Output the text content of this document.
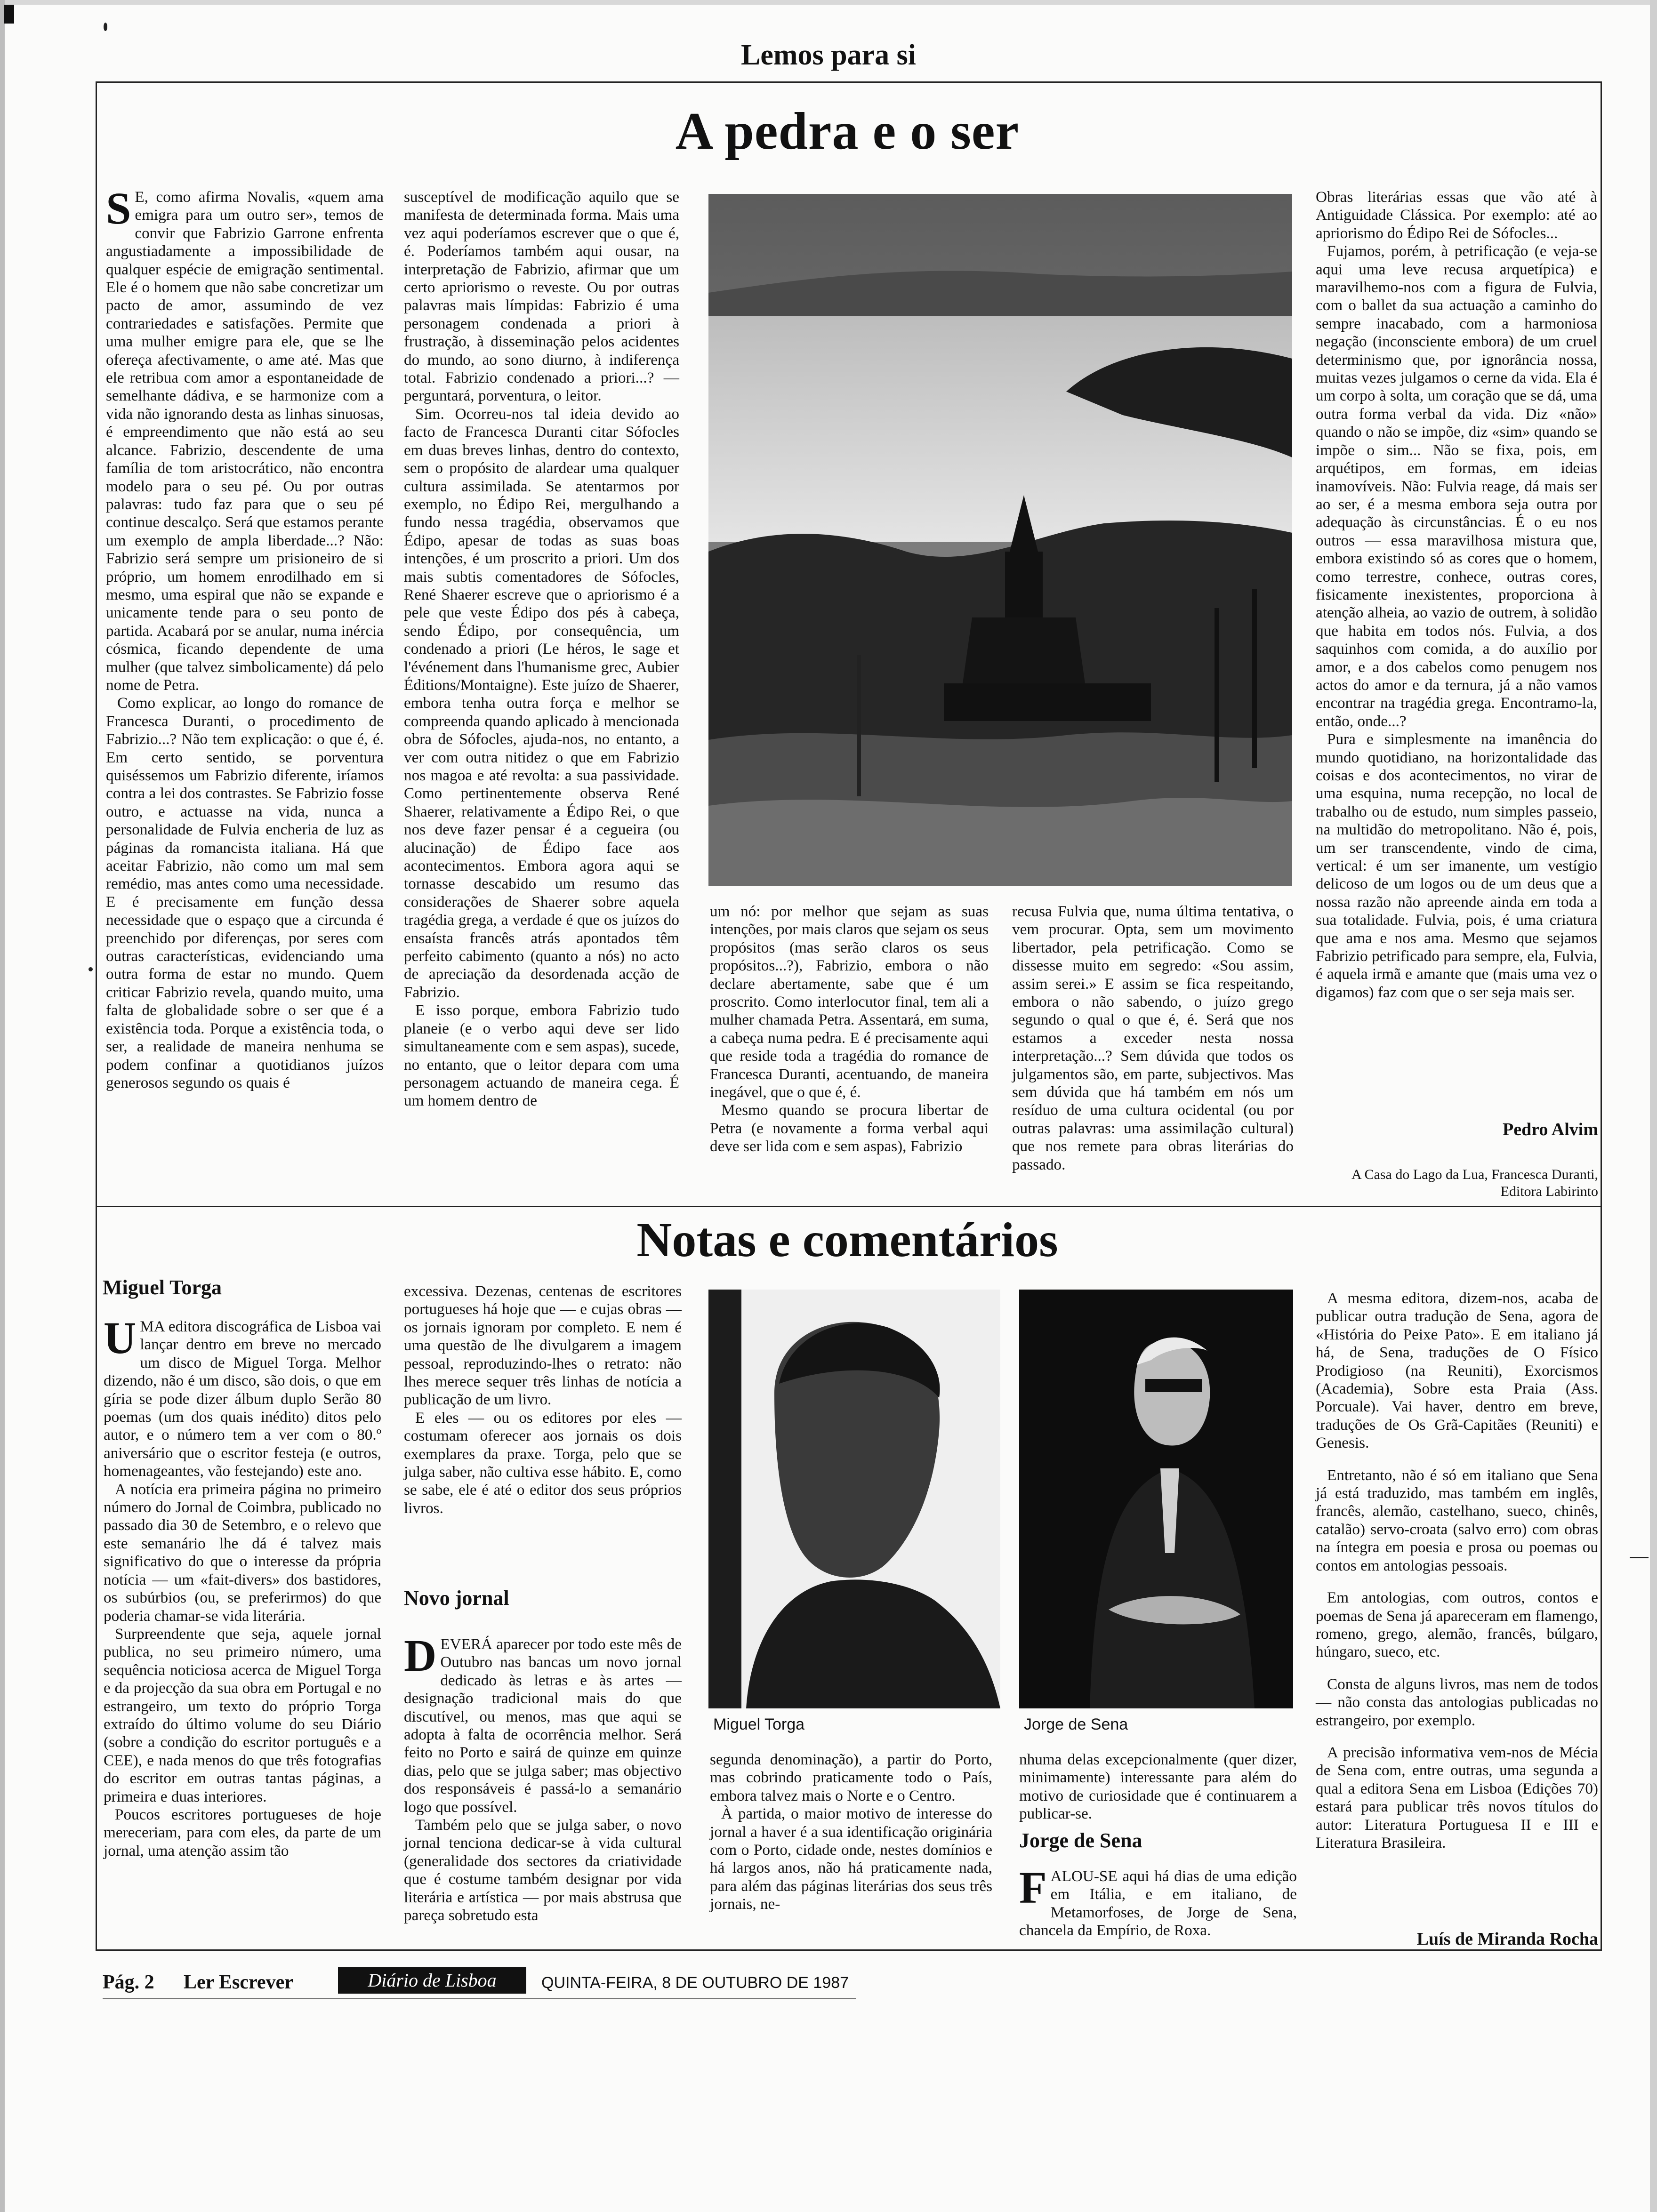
Lemos para si
A pedra e o ser
S E, como afirma Novalis, «quem ama emigra para um outro ser», temos de convir que Fabrizio Garrone enfrenta angustiadamente a impossibilidade de qualquer espécie de emigração sentimental. Ele é o homem que não sabe concretizar um pacto de amor, assumindo de vez contrariedades e satisfações. Permite que uma mulher emigre para ele, que se lhe ofereça afectivamente, o ame até. Mas que ele retribua com amor a espontaneidade de semelhante dádiva, e se harmonize com a vida não ignorando desta as linhas sinuosas, é empreendimento que não está ao seu alcance. Fabrizio, descendente de uma família de tom aristocrático, não encontra modelo para o seu pé. Ou por outras palavras: tudo faz para que o seu pé continue descalço. Será que estamos perante um exemplo de ampla liberdade...? Não: Fabrizio será sempre um prisioneiro de si próprio, um homem enrodilhado em si mesmo, uma espiral que não se expande e unicamente tende para o seu ponto de partida. Acabará por se anular, numa inércia cósmica, ficando dependente de uma mulher (que talvez simbolicamente) dá pelo nome de Petra.

Como explicar, ao longo do romance de Francesca Duranti, o procedimento de Fabrizio...? Não tem explicação: o que é, é. Em certo sentido, se porventura quiséssemos um Fabrizio diferente, iríamos contra a lei dos contrastes. Se Fabrizio fosse outro, e actuasse na vida, nunca a personalidade de Fulvia encheria de luz as páginas da romancista italiana. Há que aceitar Fabrizio, não como um mal sem remédio, mas antes como uma necessidade. E é precisamente em função dessa necessidade que o espaço que a circunda é preenchido por diferenças, por seres com outras características, evidenciando uma outra forma de estar no mundo. Quem criticar Fabrizio revela, quando muito, uma falta de globalidade sobre o ser que é a existência toda. Porque a existência toda, o ser, a realidade de maneira nenhuma se podem confinar a quotidianos juízos generosos segundo os quais é

susceptível de modificação aquilo que se manifesta de determinada forma. Mais uma vez aqui poderíamos escrever que o que é, é. Poderíamos também aqui ousar, na interpretação de Fabrizio, afirmar que um certo apriorismo o reveste. Ou por outras palavras mais límpidas: Fabrizio é uma personagem condenada a priori à frustração, à disseminação pelos acidentes do mundo, ao sono diurno, à indiferença total. Fabrizio condenado a priori...? — perguntará, porventura, o leitor.

Sim. Ocorreu-nos tal ideia devido ao facto de Francesca Duranti citar Sófocles em duas breves linhas, dentro do contexto, sem o propósito de alardear uma qualquer cultura assimilada. Se atentarmos por exemplo, no Édipo Rei, mergulhando a fundo nessa tragédia, observamos que Édipo, apesar de todas as suas boas intenções, é um proscrito a priori. Um dos mais subtis comentadores de Sófocles, René Shaerer escreve que o apriorismo é a pele que veste Édipo dos pés à cabeça, sendo Édipo, por consequência, um condenado a priori (Le héros, le sage et l'événement dans l'humanisme grec, Aubier Éditions/Montaigne). Este juízo de Shaerer, embora tenha outra força e melhor se compreenda quando aplicado à mencionada obra de Sófocles, ajuda-nos, no entanto, a ver com outra nitidez o que em Fabrizio nos magoa e até revolta: a sua passividade. Como pertinentemente observa René Shaerer, relativamente a Édipo Rei, o que nos deve fazer pensar é a cegueira (ou alucinação) de Édipo face aos acontecimentos. Embora agora aqui se tornasse descabido um resumo das considerações de Shaerer sobre aquela tragédia grega, a verdade é que os juízos do ensaísta francês atrás apontados têm perfeito cabimento (quanto a nós) no acto de apreciação da desordenada acção de Fabrizio.

E isso porque, embora Fabrizio tudo planeie (e o verbo aqui deve ser lido simultaneamente com e sem aspas), sucede, no entanto, que o leitor depara com uma personagem actuando de maneira cega. É um homem dentro de

um nó: por melhor que sejam as suas intenções, por mais claros que sejam os seus propósitos (mas serão claros os seus propósitos...?), Fabrizio, embora o não declare abertamente, sabe que é um proscrito. Como interlocutor final, tem ali a mulher chamada Petra. Assentará, em suma, a cabeça numa pedra. E é precisamente aqui que reside toda a tragédia do romance de Francesca Duranti, acentuando, de maneira inegável, que o que é, é.

Mesmo quando se procura libertar de Petra (e novamente a forma verbal aqui deve ser lida com e sem aspas), Fabrizio

recusa Fulvia que, numa última tentativa, o vem procurar. Opta, sem um movimento libertador, pela petrificação. Como se dissesse muito em segredo: «Sou assim, assim serei.» E assim se fica respeitando, embora o não sabendo, o juízo grego segundo o qual o que é, é. Será que nos estamos a exceder nesta nossa interpretação...? Sem dúvida que todos os julgamentos são, em parte, subjectivos. Mas sem dúvida que há também em nós um resíduo de uma cultura ocidental (ou por outras palavras: uma assimilação cultural) que nos remete para obras literárias do passado.

Obras literárias essas que vão até à Antiguidade Clássica. Por exemplo: até ao apriorismo do Édipo Rei de Sófocles...

Fujamos, porém, à petrificação (e veja-se aqui uma leve recusa arquetípica) e maravilhemo-nos com a figura de Fulvia, com o ballet da sua actuação a caminho do sempre inacabado, com a harmoniosa negação (inconsciente embora) de um cruel determinismo que, por ignorância nossa, muitas vezes julgamos o cerne da vida. Ela é um corpo à solta, um coração que se dá, uma outra forma verbal da vida. Diz «não» quando o não se impõe, diz «sim» quando se impõe o sim... Não se fixa, pois, em arquétipos, em formas, em ideias inamovíveis. Não: Fulvia reage, dá mais ser ao ser, é a mesma embora seja outra por adequação às circunstâncias. É o eu nos outros — essa maravilhosa mistura que, embora existindo só as cores que o homem, como terrestre, conhece, outras cores, fisicamente inexistentes, proporciona à atenção alheia, ao vazio de outrem, à solidão que habita em todos nós. Fulvia, a dos saquinhos com comida, a do auxílio por amor, e a dos cabelos como penugem nos actos do amor e da ternura, já a não vamos encontrar na tragédia grega. Encontramo-la, então, onde...?

Pura e simplesmente na imanência do mundo quotidiano, na horizontalidade das coisas e dos acontecimentos, no virar de uma esquina, numa recepção, no local de trabalho ou de estudo, num simples passeio, na multidão do metropolitano. Não é, pois, um ser transcendente, vindo de cima, vertical: é um ser imanente, um vestígio delicoso de um logos ou de um deus que a nossa razão não apreende ainda em toda a sua totalidade. Fulvia, pois, é uma criatura que ama e nos ama. Mesmo que sejamos Fabrizio petrificado para sempre, ela, Fulvia, é aquela irmã e amante que (mais uma vez o digamos) faz com que o ser seja mais ser.

Pedro Alvim
A Casa do Lago da Lua, Francesca Duranti,
Editora Labirinto
Notas e comentários
Miguel Torga
U MA editora discográfica de Lisboa vai lançar dentro em breve no mercado um disco de Miguel Torga. Melhor dizendo, não é um disco, são dois, o que em gíria se pode dizer álbum duplo Serão 80 poemas (um dos quais inédito) ditos pelo autor, e o número tem a ver com o 80.º aniversário que o escritor festeja (e outros, homenageantes, vão festejando) este ano.

A notícia era primeira página no primeiro número do Jornal de Coimbra, publicado no passado dia 30 de Setembro, e o relevo que este semanário lhe dá é talvez mais significativo do que o interesse da própria notícia — um «fait-divers» dos bastidores, os subúrbios (ou, se preferirmos) do que poderia chamar-se vida literária.

Surpreendente que seja, aquele jornal publica, no seu primeiro número, uma sequência noticiosa acerca de Miguel Torga e da projecção da sua obra em Portugal e no estrangeiro, um texto do próprio Torga extraído do último volume do seu Diário (sobre a condição do escritor português e a CEE), e nada menos do que três fotografias do escritor em outras tantas páginas, a primeira e duas interiores.

Poucos escritores portugueses de hoje mereceriam, para com eles, da parte de um jornal, uma atenção assim tão

excessiva. Dezenas, centenas de escritores portugueses há hoje que — e cujas obras — os jornais ignoram por completo. E nem é uma questão de lhe divulgarem a imagem pessoal, reproduzindo-lhes o retrato: não lhes merece sequer três linhas de notícia a publicação de um livro.

E eles — ou os editores por eles — costumam oferecer aos jornais os dois exemplares da praxe. Torga, pelo que se julga saber, não cultiva esse hábito. E, como se sabe, ele é até o editor dos seus próprios livros.

Novo jornal
D EVERÁ aparecer por todo este mês de Outubro nas bancas um novo jornal dedicado às letras e às artes — designação tradicional mais do que discutível, ou menos, mas que aqui se adopta à falta de ocorrência melhor. Será feito no Porto e sairá de quinze em quinze dias, pelo que se julga saber; mas objectivo dos responsáveis é passá-lo a semanário logo que possível.

Também pelo que se julga saber, o novo jornal tenciona dedicar-se à vida cultural (generalidade dos sectores da criatividade que é costume também designar por vida literária e artística — por mais abstrusa que pareça sobretudo esta

Miguel Torga	Jorge de Sena

segunda denominação), a partir do Porto, mas cobrindo praticamente todo o País, embora talvez mais o Norte e o Centro.

À partida, o maior motivo de interesse do jornal a haver é a sua identificação originária com o Porto, cidade onde, nestes domínios e há largos anos, não há praticamente nada, para além das páginas literárias dos seus três jornais, ne-

nhuma delas excepcionalmente (quer dizer, minimamente) interessante para além do motivo de curiosidade que é continuarem a publicar-se.

Jorge de Sena
F ALOU-SE aqui há dias de uma edição em Itália, e em italiano, de Metamorfoses, de Jorge de Sena, chancela da Empírio, de Roxa.

A mesma editora, dizem-nos, acaba de publicar outra tradução de Sena, agora de «História do Peixe Pato». E em italiano já há, de Sena, traduções de O Físico Prodigioso (na Reuniti), Exorcismos (Academia), Sobre esta Praia (Ass. Porcuale). Vai haver, dentro em breve, traduções de Os Grã-Capitães (Reuniti) e Genesis.

Entretanto, não é só em italiano que Sena já está traduzido, mas também em inglês, francês, alemão, castelhano, sueco, chinês, catalão) servo-croata (salvo erro) com obras na íntegra em poesia e prosa ou poemas ou contos em antologias pessoais.

Em antologias, com outros, contos e poemas de Sena já apareceram em flamengo, romeno, grego, alemão, francês, búlgaro, húngaro, sueco, etc.

Consta de alguns livros, mas nem de todos — não consta das antologias publicadas no estrangeiro, por exemplo.

A precisão informativa vem-nos de Mécia de Sena com, entre outras, uma segunda a qual a editora Sena em Lisboa (Edições 70) estará para publicar três novos títulos do autor: Literatura Portuguesa II e III e Literatura Brasileira.

Luís de Miranda Rocha
Pág. 2 Ler Escrever	Diário de Lisboa	QUINTA-FEIRA, 8 DE OUTUBRO DE 1987
